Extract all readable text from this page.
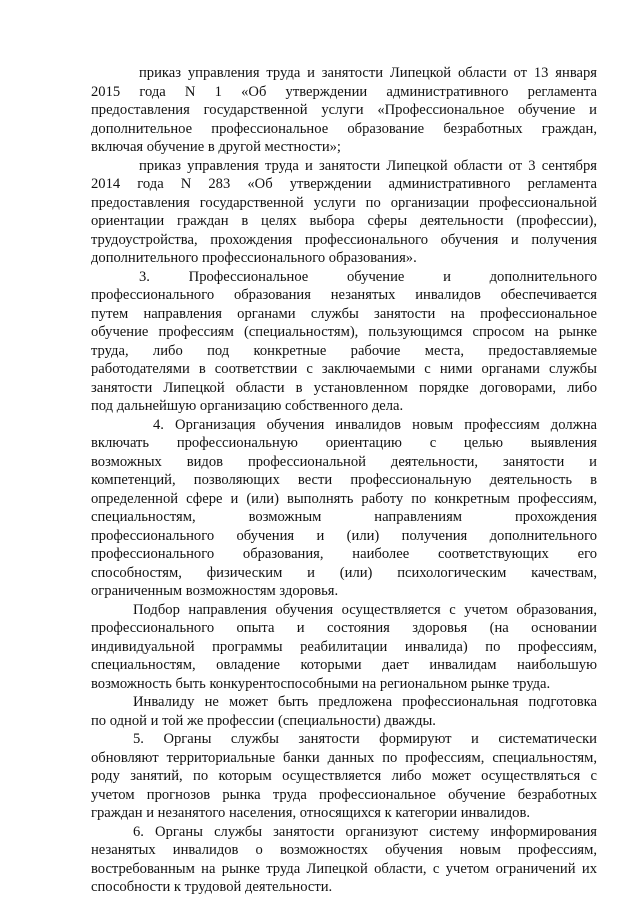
приказ управления труда и занятости Липецкой области от 13 января
2015 года N 1 «Об утверждении административного регламента
предоставления государственной услуги «Профессиональное обучение и
дополнительное профессиональное образование безработных граждан,
включая обучение в другой местности»;
приказ управления труда и занятости Липецкой области от 3 сентября
2014 года N 283 «Об утверждении административного регламента
предоставления государственной услуги по организации профессиональной
ориентации граждан в целях выбора сферы деятельности (профессии),
трудоустройства, прохождения профессионального обучения и получения
дополнительного профессионального образования».
3. Профессиональное обучение и дополнительного
профессионального образования незанятых инвалидов обеспечивается
путем направления органами службы занятости на профессиональное
обучение профессиям (специальностям), пользующимся спросом на рынке
труда, либо под конкретные рабочие места, предоставляемые
работодателями в соответствии с заключаемыми с ними органами службы
занятости Липецкой области в установленном порядке договорами, либо
под дальнейшую организацию собственного дела.
4. Организация обучения инвалидов новым профессиям должна
включать профессиональную ориентацию с целью выявления
возможных видов профессиональной деятельности, занятости и
компетенций, позволяющих вести профессиональную деятельность в
определенной сфере и (или) выполнять работу по конкретным профессиям,
специальностям, возможным направлениям прохождения
профессионального обучения и (или) получения дополнительного
профессионального образования, наиболее соответствующих его
способностям, физическим и (или) психологическим качествам,
ограниченным возможностям здоровья.
Подбор направления обучения осуществляется с учетом образования,
профессионального опыта и состояния здоровья (на основании
индивидуальной программы реабилитации инвалида) по профессиям,
специальностям, овладение которыми дает инвалидам наибольшую
возможность быть конкурентоспособными на региональном рынке труда.
Инвалиду не может быть предложена профессиональная подготовка
по одной и той же профессии (специальности) дважды.
5. Органы службы занятости формируют и систематически
обновляют территориальные банки данных по профессиям, специальностям,
роду занятий, по которым осуществляется либо может осуществляться с
учетом прогнозов рынка труда профессиональное обучение безработных
граждан и незанятого населения, относящихся к категории инвалидов.
6. Органы службы занятости организуют систему информирования
незанятых инвалидов о возможностях обучения новым профессиям,
востребованным на рынке труда Липецкой области, с учетом ограничений их
способности к трудовой деятельности.
